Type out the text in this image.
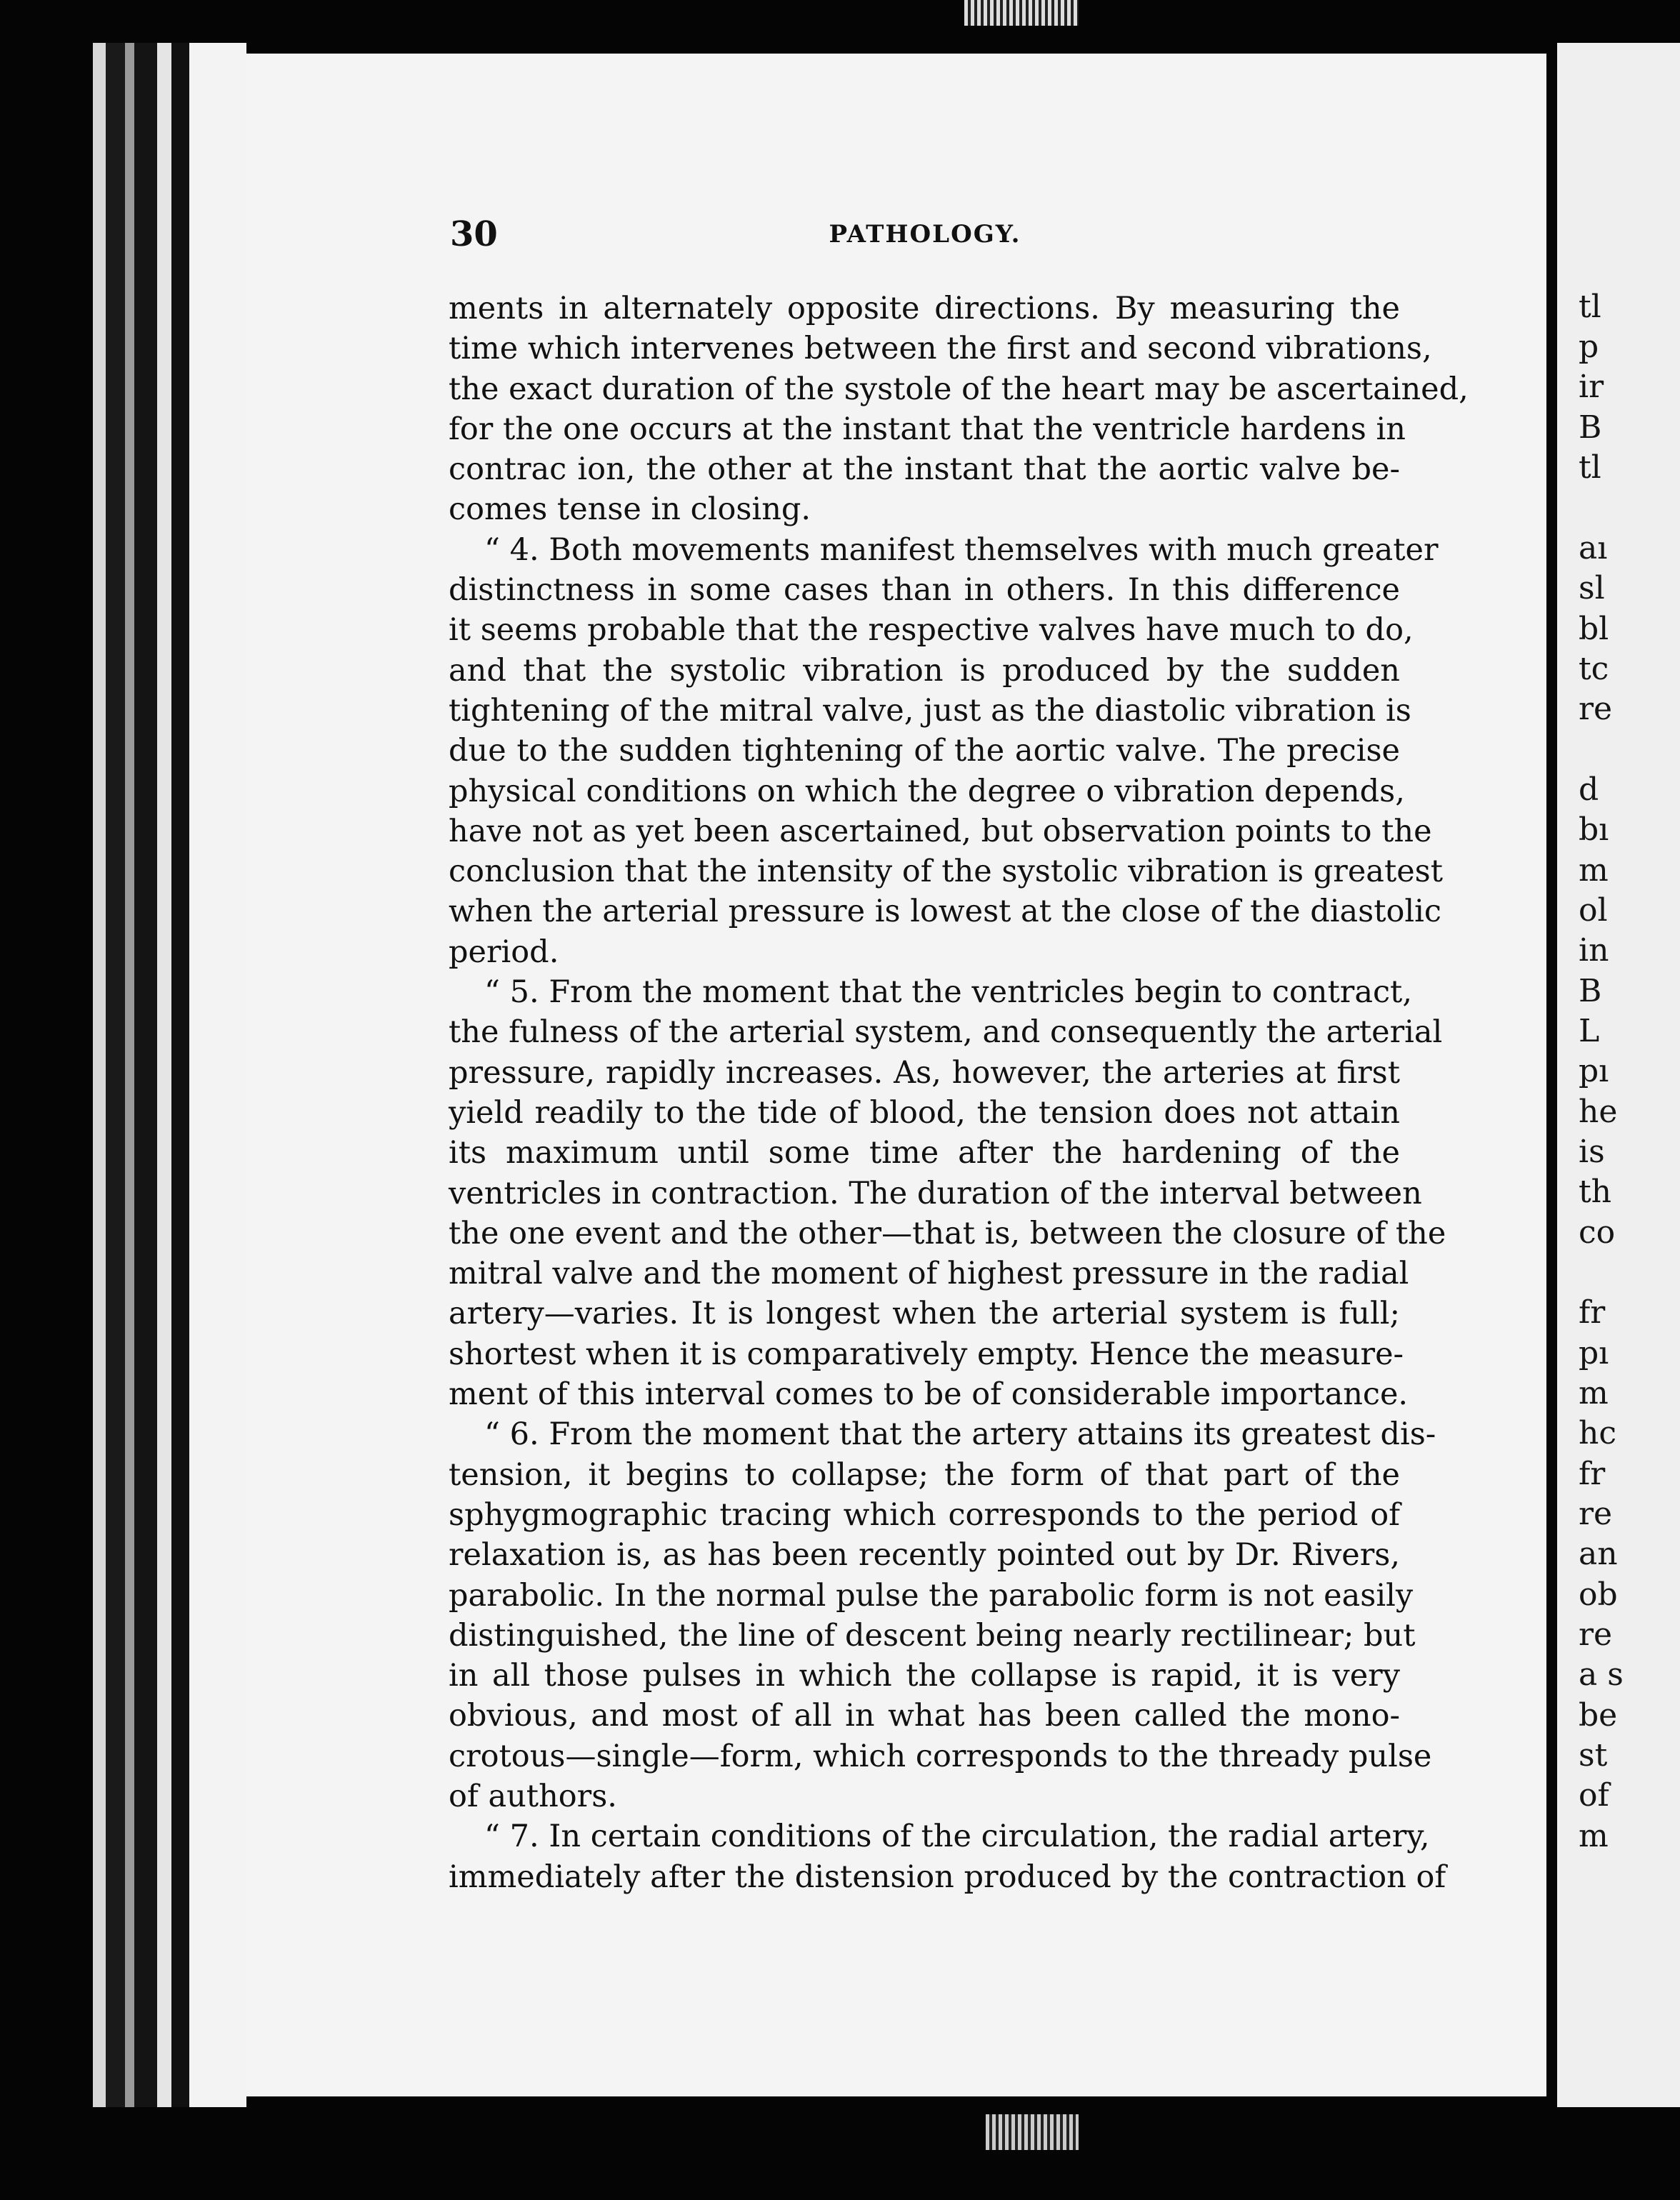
tl
p
ir
B
tl
aı
sl
bl
tc
re
d
bı
m
ol
in
B
L
pı
he
is
th
co
fr
pı
m
hc
fr
re
an
ob
re
a s
be
st
of
m
30	PATHOLOGY.
ments in alternately opposite directions. By measuring the
time which intervenes between the first and second vibrations,
the exact duration of the systole of the heart may be ascertained,
for the one occurs at the instant that the ventricle hardens in
contrac ion, the other at the instant that the aortic valve be-
comes tense in closing.
“ 4. Both movements manifest themselves with much greater
distinctness in some cases than in others. In this difference
it seems probable that the respective valves have much to do,
and that the systolic vibration is produced by the sudden
tightening of the mitral valve, just as the diastolic vibration is
due to the sudden tightening of the aortic valve. The precise
physical conditions on which the degree o vibration depends,
have not as yet been ascertained, but observation points to the
conclusion that the intensity of the systolic vibration is greatest
when the arterial pressure is lowest at the close of the diastolic
period.
“ 5. From the moment that the ventricles begin to contract,
the fulness of the arterial system, and consequently the arterial
pressure, rapidly increases. As, however, the arteries at first
yield readily to the tide of blood, the tension does not attain
its maximum until some time after the hardening of the
ventricles in contraction. The duration of the interval between
the one event and the other—that is, between the closure of the
mitral valve and the moment of highest pressure in the radial
artery—varies. It is longest when the arterial system is full;
shortest when it is comparatively empty. Hence the measure-
ment of this interval comes to be of considerable importance.
“ 6. From the moment that the artery attains its greatest dis-
tension, it begins to collapse; the form of that part of the
sphygmographic tracing which corresponds to the period of
relaxation is, as has been recently pointed out by Dr. Rivers,
parabolic. In the normal pulse the parabolic form is not easily
distinguished, the line of descent being nearly rectilinear; but
in all those pulses in which the collapse is rapid, it is very
obvious, and most of all in what has been called the mono-
crotous—single—form, which corresponds to the thready pulse
of authors.
“ 7. In certain conditions of the circulation, the radial artery,
immediately after the distension produced by the contraction of
